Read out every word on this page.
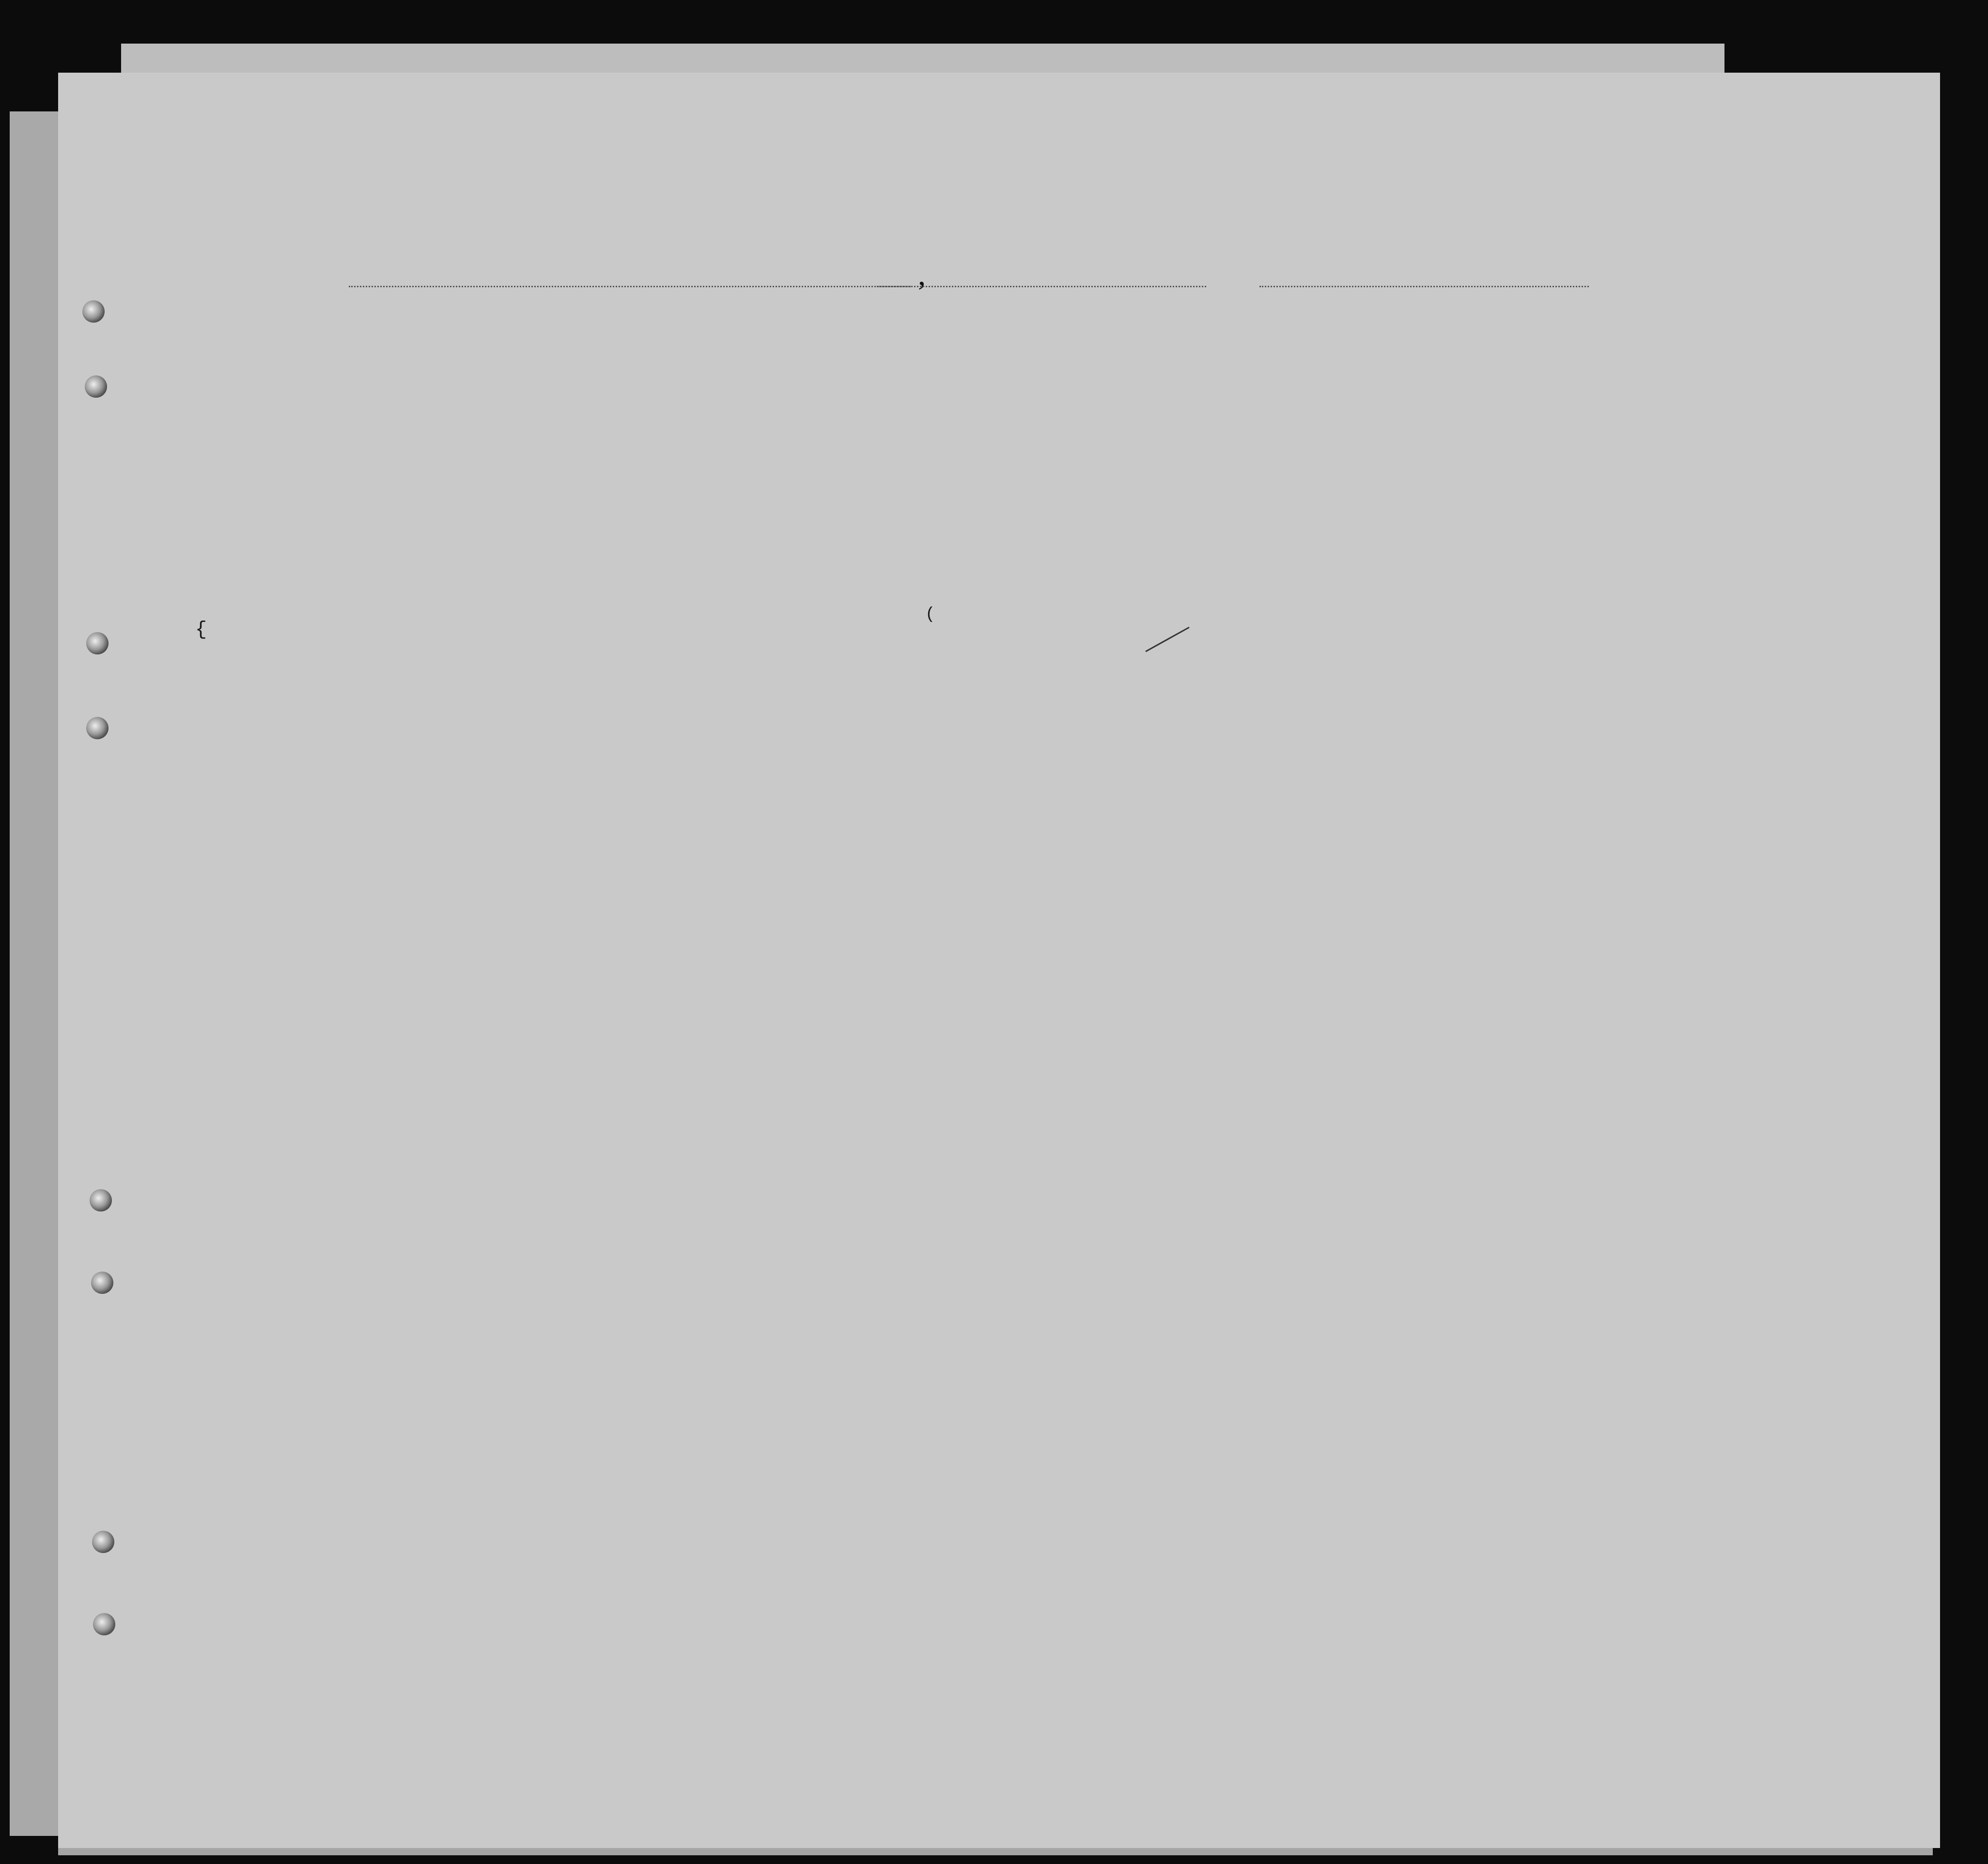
,
{
(
